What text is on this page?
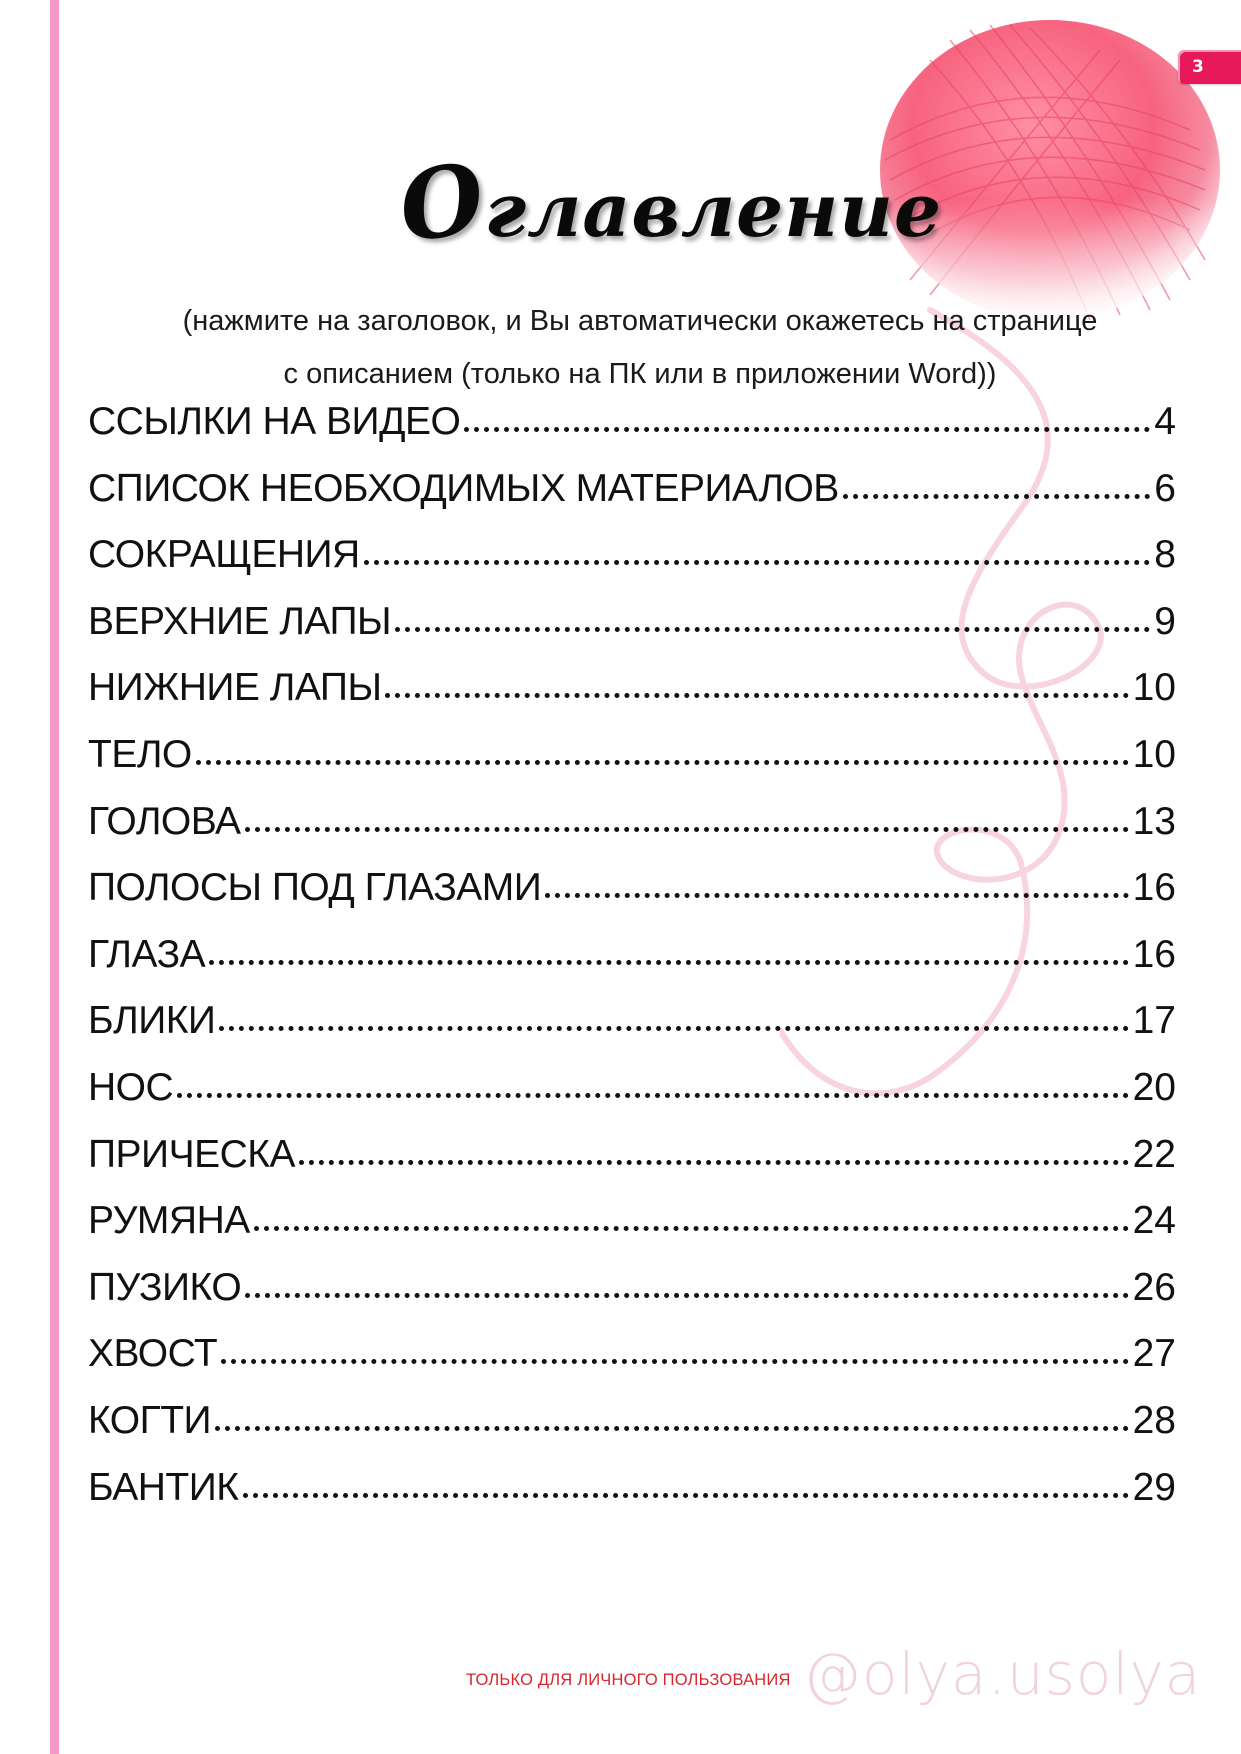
3
Оглавление
(нажмите на заголовок, и Вы автоматически окажетесь на странице
с описанием (только на ПК или в приложении Word))
ССЫЛКИ НА ВИДЕО	4
СПИСОК НЕОБХОДИМЫХ МАТЕРИАЛОВ	6
СОКРАЩЕНИЯ	8
ВЕРХНИЕ ЛАПЫ	9
НИЖНИЕ ЛАПЫ	10
ТЕЛО	10
ГОЛОВА	13
ПОЛОСЫ ПОД ГЛАЗАМИ	16
ГЛАЗА	16
БЛИКИ	17
НОС	20
ПРИЧЕСКА	22
РУМЯНА	24
ПУЗИКО	26
ХВОСТ	27
КОГТИ	28
БАНТИК	29
ТОЛЬКО ДЛЯ ЛИЧНОГО ПОЛЬЗОВАНИЯ @olya.usolya
